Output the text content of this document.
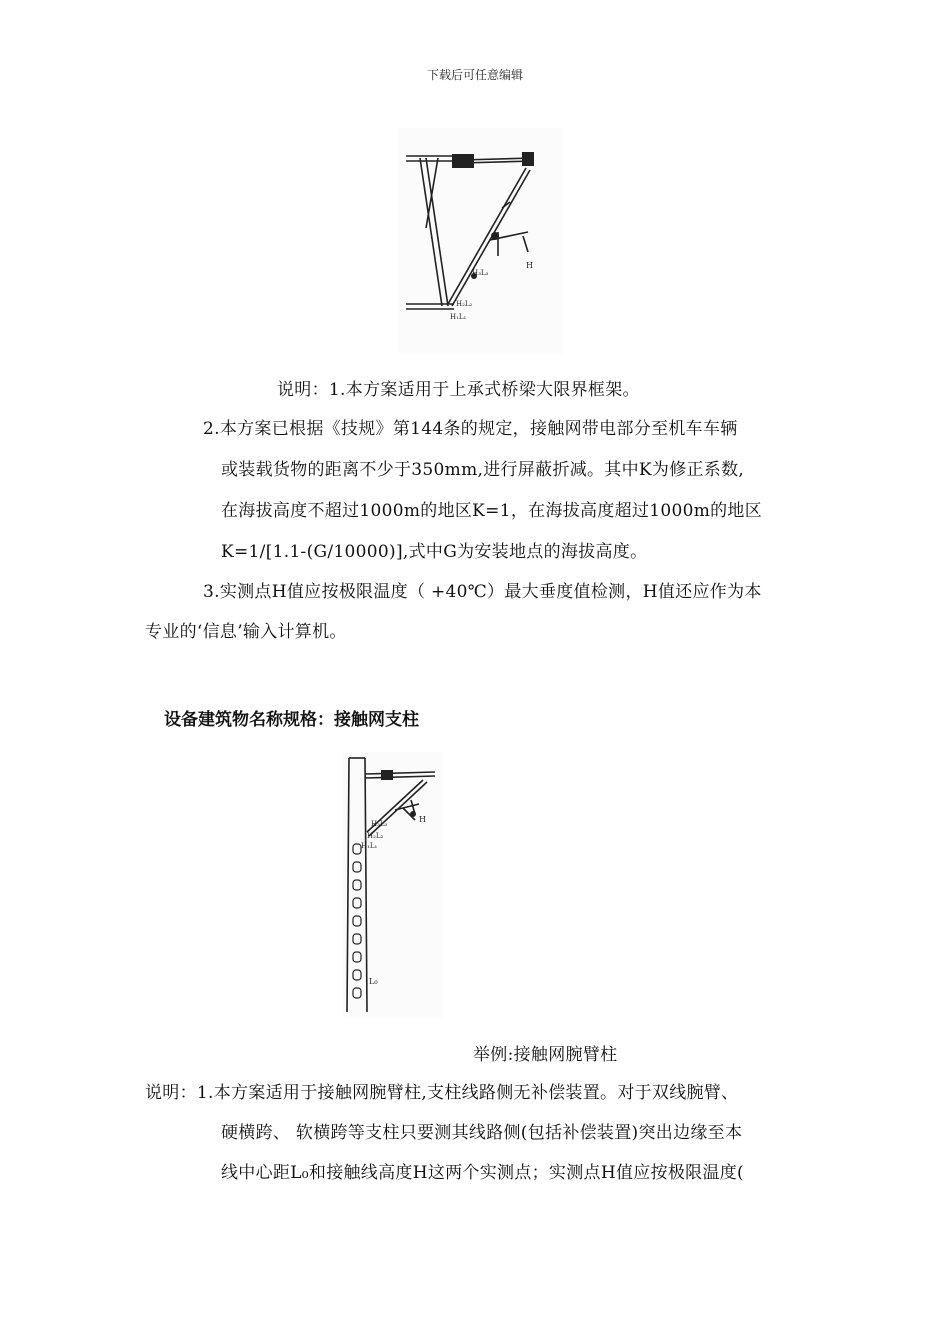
下载后可任意编辑
H
H₃L₃
H₂L₂
H₁L₁
说明：1.本方案适用于上承式桥梁大限界框架。
2.本方案已根据《技规》第144条的规定，接触网带电部分至机车车辆
或装载货物的距离不少于350mm,进行屏蔽折减。其中K为修正系数,
在海拔高度不超过1000m的地区K=1，在海拔高度超过1000m的地区
K=1/[1.1-(G/10000)],式中G为安装地点的海拔高度。
3.实测点H值应按极限温度（ +40℃）最大垂度值检测，H值还应作为本
专业的‘信息’输入计算机。
设备建筑物名称规格：接触网支柱
H
H₃L₃
H₂L₂
H₁L₁
L₀
举例:接触网腕臂柱
说明：1.本方案适用于接触网腕臂柱,支柱线路侧无补偿装置。对于双线腕臂、
硬横跨、 软横跨等支柱只要测其线路侧(包括补偿装置)突出边缘至本
线中心距L₀和接触线高度H这两个实测点；实测点H值应按极限温度(
